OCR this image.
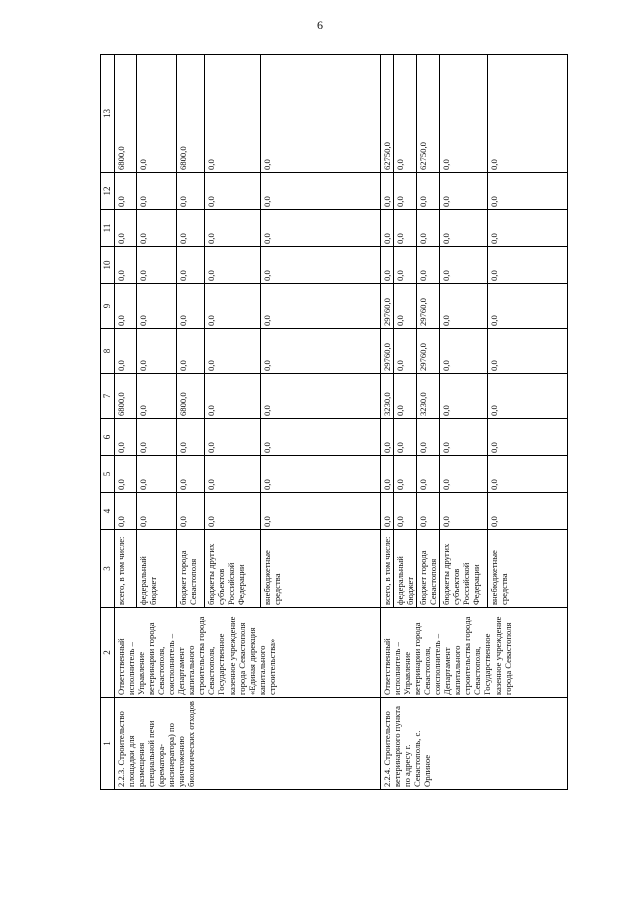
6
1	2	3	4	5	6	7	8	9	10	11	12	13
2.2.3. Строительство площадки для размещения специальной печи (крематора-инсинератора) по уничтожению биологических отходов	Ответственный исполнитель – Управление ветеринарии города Севастополя, соисполнитель – Департамент капитального строительства города Севастополя, Государственное казенное учреждение города Севастополя «Единая дирекция капитального строительства»	всего, в том числе:	0,0	0,0	0,0	6800,0	0,0	0,0	0,0	0,0	0,0	6800,0
		федеральный бюджет	0,0	0,0	0,0	0,0	0,0	0,0	0,0	0,0	0,0	0,0
		бюджет города Севастополя	0,0	0,0	0,0	6800,0	0,0	0,0	0,0	0,0	0,0	6800,0
		бюджеты других субъектов Российской Федерации	0,0	0,0	0,0	0,0	0,0	0,0	0,0	0,0	0,0	0,0
		внебюджетные средства	0,0	0,0	0,0	0,0	0,0	0,0	0,0	0,0	0,0	0,0
2.2.4. Строительство ветеринарного пункта по адресу г. Севастополь, с. Орлиное	Ответственный исполнитель – Управление ветеринарии города Севастополя, соисполнитель – Департамент капитального строительства города Севастополя, Государственное казенное учреждение города Севастополя	всего, в том числе:	0,0	0,0	0,0	3230,0	29760,0	29760,0	0,0	0,0	0,0	62750,0
		федеральный бюджет	0,0	0,0	0,0	0,0	0,0	0,0	0,0	0,0	0,0	0,0
		бюджет города Севастополя	0,0	0,0	0,0	3230,0	29760,0	29760,0	0,0	0,0	0,0	62750,0
		бюджеты других субъектов Российской Федерации	0,0	0,0	0,0	0,0	0,0	0,0	0,0	0,0	0,0	0,0
		внебюджетные средства	0,0	0,0	0,0	0,0	0,0	0,0	0,0	0,0	0,0	0,0
